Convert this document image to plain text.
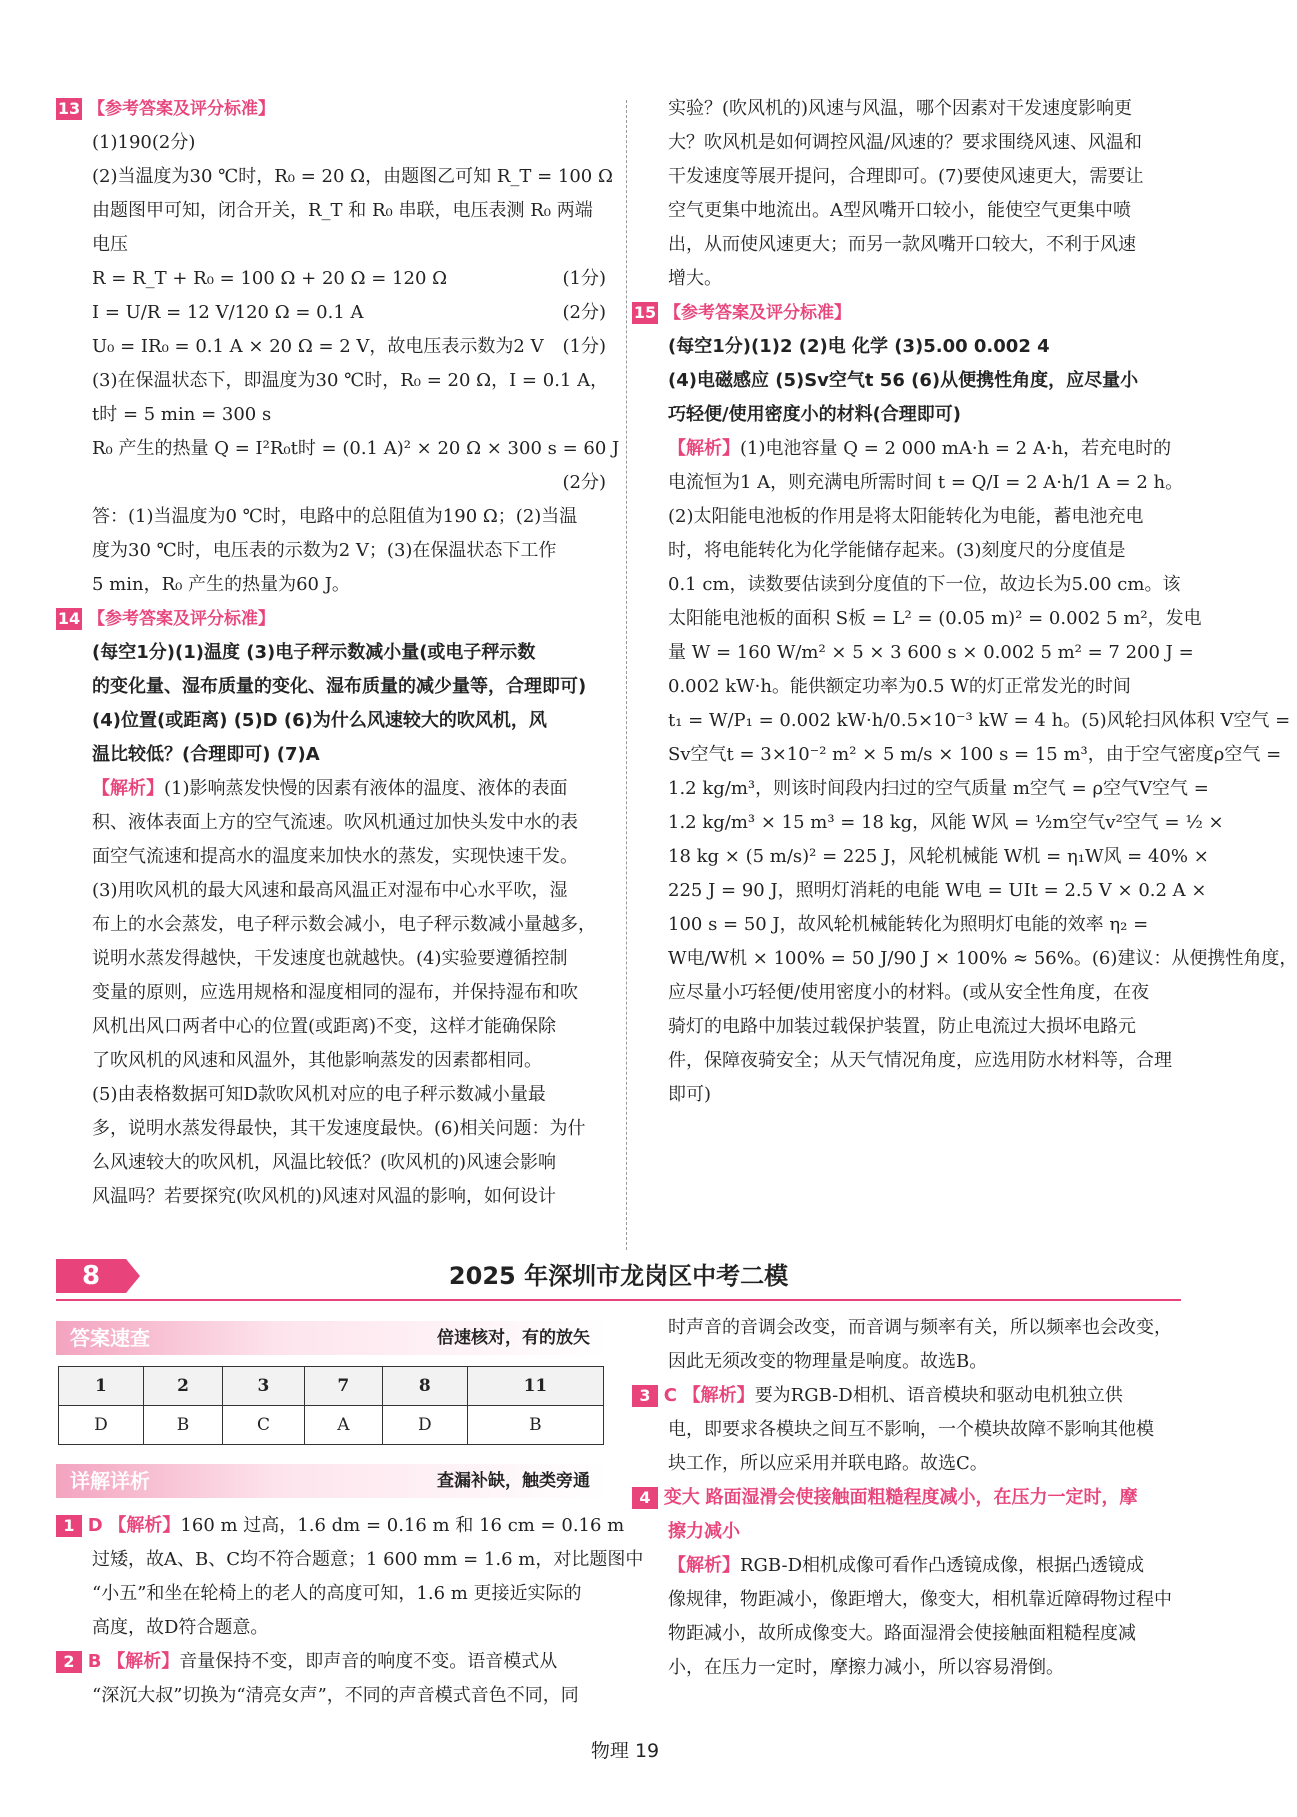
13 【参考答案及评分标准】
(1)190(2分)
(2)当温度为30 ℃时，R₀ = 20 Ω，由题图乙可知 R_T = 100 Ω
由题图甲可知，闭合开关，R_T 和 R₀ 串联，电压表测 R₀ 两端
电压
R = R_T + R₀ = 100 Ω + 20 Ω = 120 Ω	(1分)
I = U/R = 12 V/120 Ω = 0.1 A	(2分)
U₀ = IR₀ = 0.1 A × 20 Ω = 2 V，故电压表示数为2 V (1分)
(3)在保温状态下，即温度为30 ℃时，R₀ = 20 Ω，I = 0.1 A，
t时 = 5 min = 300 s
R₀ 产生的热量 Q = I²R₀t时 = (0.1 A)² × 20 Ω × 300 s = 60 J
(2分)
答：(1)当温度为0 ℃时，电路中的总阻值为190 Ω；(2)当温
度为30 ℃时，电压表的示数为2 V；(3)在保温状态下工作
5 min，R₀ 产生的热量为60 J。
14 【参考答案及评分标准】
(每空1分)(1)温度 (3)电子秤示数减小量(或电子秤示数
的变化量、湿布质量的变化、湿布质量的减少量等，合理即可)
(4)位置(或距离) (5)D (6)为什么风速较大的吹风机，风
温比较低？(合理即可) (7)A
【解析】(1)影响蒸发快慢的因素有液体的温度、液体的表面
积、液体表面上方的空气流速。吹风机通过加快头发中水的表
面空气流速和提高水的温度来加快水的蒸发，实现快速干发。
(3)用吹风机的最大风速和最高风温正对湿布中心水平吹，湿
布上的水会蒸发，电子秤示数会减小，电子秤示数减小量越多，
说明水蒸发得越快，干发速度也就越快。(4)实验要遵循控制
变量的原则，应选用规格和湿度相同的湿布，并保持湿布和吹
风机出风口两者中心的位置(或距离)不变，这样才能确保除
了吹风机的风速和风温外，其他影响蒸发的因素都相同。
(5)由表格数据可知D款吹风机对应的电子秤示数减小量最
多，说明水蒸发得最快，其干发速度最快。(6)相关问题：为什
么风速较大的吹风机，风温比较低？(吹风机的)风速会影响
风温吗？若要探究(吹风机的)风速对风温的影响，如何设计
实验？(吹风机的)风速与风温，哪个因素对干发速度影响更
大？吹风机是如何调控风温/风速的？要求围绕风速、风温和
干发速度等展开提问，合理即可。(7)要使风速更大，需要让
空气更集中地流出。A型风嘴开口较小，能使空气更集中喷
出，从而使风速更大；而另一款风嘴开口较大，不利于风速
增大。
15 【参考答案及评分标准】
(每空1分)(1)2 (2)电 化学 (3)5.00 0.002 4
(4)电磁感应 (5)Sv空气t 56 (6)从便携性角度，应尽量小
巧轻便/使用密度小的材料(合理即可)
【解析】(1)电池容量 Q = 2 000 mA·h = 2 A·h，若充电时的
电流恒为1 A，则充满电所需时间 t = Q/I = 2 A·h/1 A = 2 h。
(2)太阳能电池板的作用是将太阳能转化为电能，蓄电池充电
时，将电能转化为化学能储存起来。(3)刻度尺的分度值是
0.1 cm，读数要估读到分度值的下一位，故边长为5.00 cm。该
太阳能电池板的面积 S板 = L² = (0.05 m)² = 0.002 5 m²，发电
量 W = 160 W/m² × 5 × 3 600 s × 0.002 5 m² = 7 200 J =
0.002 kW·h。能供额定功率为0.5 W的灯正常发光的时间
t₁ = W/P₁ = 0.002 kW·h/0.5×10⁻³ kW = 4 h。(5)风轮扫风体积 V空气 =
Sv空气t = 3×10⁻² m² × 5 m/s × 100 s = 15 m³，由于空气密度ρ空气 =
1.2 kg/m³，则该时间段内扫过的空气质量 m空气 = ρ空气V空气 =
1.2 kg/m³ × 15 m³ = 18 kg，风能 W风 = ½m空气v²空气 = ½ ×
18 kg × (5 m/s)² = 225 J，风轮机械能 W机 = η₁W风 = 40% ×
225 J = 90 J，照明灯消耗的电能 W电 = UIt = 2.5 V × 0.2 A ×
100 s = 50 J，故风轮机械能转化为照明灯电能的效率 η₂ =
W电/W机 × 100% = 50 J/90 J × 100% ≈ 56%。(6)建议：从便携性角度，
应尽量小巧轻便/使用密度小的材料。(或从安全性角度，在夜
骑灯的电路中加装过载保护装置，防止电流过大损坏电路元
件，保障夜骑安全；从天气情况角度，应选用防水材料等，合理
即可)
8	2025 年深圳市龙岗区中考二模
答案速查	倍速核对，有的放矢
1	2	3	7	8	11
D	B	C	A	D	B
详解详析	查漏补缺，触类旁通
1 D 【解析】160 m 过高，1.6 dm = 0.16 m 和 16 cm = 0.16 m
过矮，故A、B、C均不符合题意；1 600 mm = 1.6 m，对比题图中
“小五”和坐在轮椅上的老人的高度可知，1.6 m 更接近实际的
高度，故D符合题意。
2 B 【解析】音量保持不变，即声音的响度不变。语音模式从
“深沉大叔”切换为“清亮女声”，不同的声音模式音色不同，同
时声音的音调会改变，而音调与频率有关，所以频率也会改变，
因此无须改变的物理量是响度。故选B。
3 C 【解析】要为RGB-D相机、语音模块和驱动电机独立供
电，即要求各模块之间互不影响，一个模块故障不影响其他模
块工作，所以应采用并联电路。故选C。
4 变大 路面湿滑会使接触面粗糙程度减小，在压力一定时，摩
擦力减小
【解析】RGB-D相机成像可看作凸透镜成像，根据凸透镜成
像规律，物距减小，像距增大，像变大，相机靠近障碍物过程中
物距减小，故所成像变大。路面湿滑会使接触面粗糙程度减
小，在压力一定时，摩擦力减小，所以容易滑倒。
物理 19
